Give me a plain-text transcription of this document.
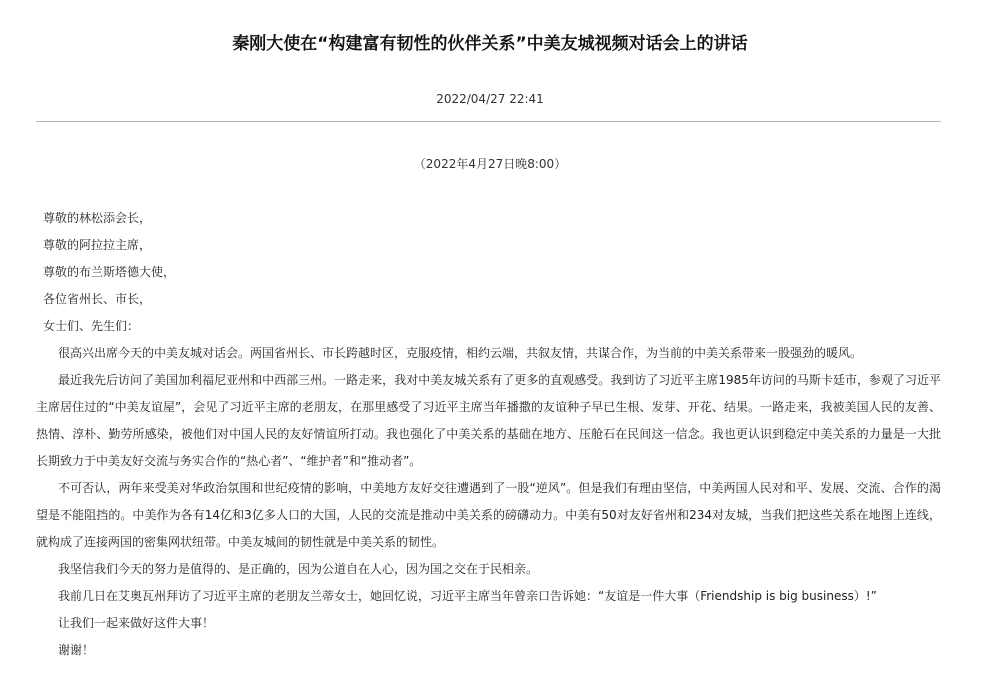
秦刚大使在“构建富有韧性的伙伴关系”中美友城视频对话会上的讲话
2022/04/27 22:41
（2022年4月27日晚8:00）

尊敬的林松添会长，

尊敬的阿拉拉主席，

尊敬的布兰斯塔德大使，

各位省州长、市长，

女士们、先生们：

很高兴出席今天的中美友城对话会。两国省州长、市长跨越时区，克服疫情，相约云端，共叙友情，共谋合作，为当前的中美关系带来一股强劲的暖风。

最近我先后访问了美国加利福尼亚州和中西部三州。一路走来，我对中美友城关系有了更多的直观感受。我到访了习近平主席1985年访问的马斯卡廷市，参观了习近平主席居住过的“中美友谊屋”，会见了习近平主席的老朋友，在那里感受了习近平主席当年播撒的友谊种子早已生根、发芽、开花、结果。一路走来，我被美国人民的友善、热情、淳朴、勤劳所感染，被他们对中国人民的友好情谊所打动。我也强化了中美关系的基础在地方、压舱石在民间这一信念。我也更认识到稳定中美关系的力量是一大批长期致力于中美友好交流与务实合作的“热心者”、“维护者”和“推动者”。

不可否认，两年来受美对华政治氛围和世纪疫情的影响，中美地方友好交往遭遇到了一股“逆风”。但是我们有理由坚信，中美两国人民对和平、发展、交流、合作的渴望是不能阻挡的。中美作为各有14亿和3亿多人口的大国，人民的交流是推动中美关系的磅礴动力。中美有50对友好省州和234对友城，当我们把这些关系在地图上连线，就构成了连接两国的密集网状纽带。中美友城间的韧性就是中美关系的韧性。

我坚信我们今天的努力是值得的、是正确的，因为公道自在人心，因为国之交在于民相亲。

我前几日在艾奥瓦州拜访了习近平主席的老朋友兰蒂女士，她回忆说，习近平主席当年曾亲口告诉她：“友谊是一件大事（Friendship is big business）!”

让我们一起来做好这件大事！

谢谢！
